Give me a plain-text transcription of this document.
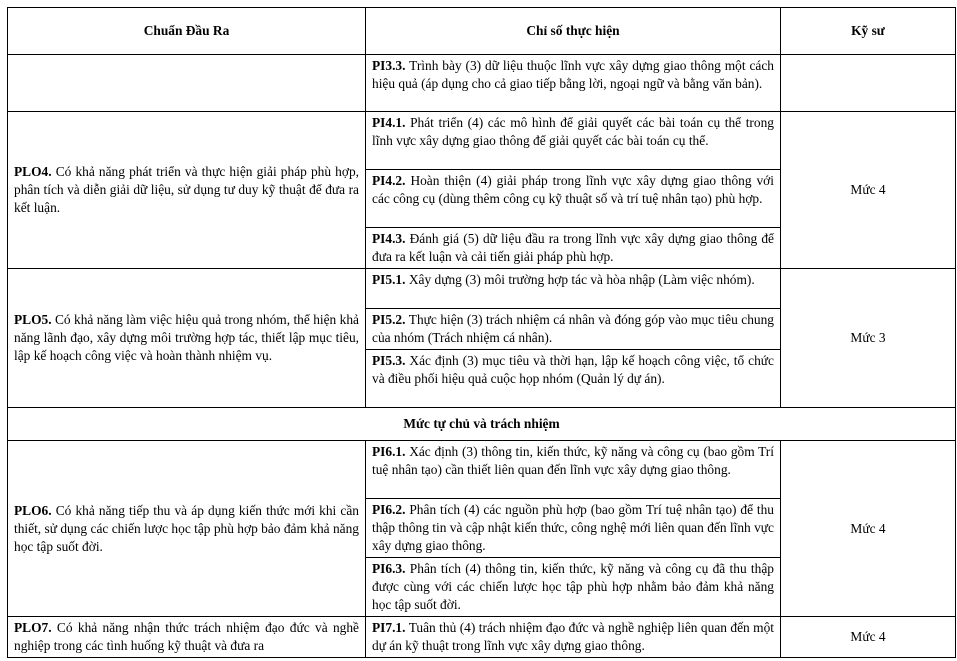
Chuẩn Đầu Ra	Chỉ số thực hiện	Kỹ sư
	PI3.3. Trình bày (3) dữ liệu thuộc lĩnh vực xây dựng giao thông một cách hiệu quả (áp dụng cho cả giao tiếp bằng lời, ngoại ngữ và bằng văn bản).	
PLO4. Có khả năng phát triển và thực hiện giải pháp phù hợp, phân tích và diễn giải dữ liệu, sử dụng tư duy kỹ thuật để đưa ra kết luận.	PI4.1. Phát triển (4) các mô hình để giải quyết các bài toán cụ thể trong lĩnh vực xây dựng giao thông để giải quyết các bài toán cụ thể.	Mức 4
	PI4.2. Hoàn thiện (4) giải pháp trong lĩnh vực xây dựng giao thông với các công cụ (dùng thêm công cụ kỹ thuật số và trí tuệ nhân tạo) phù hợp.	
	PI4.3. Đánh giá (5) dữ liệu đầu ra trong lĩnh vực xây dựng giao thông để đưa ra kết luận và cải tiến giải pháp phù hợp.	
PLO5. Có khả năng làm việc hiệu quả trong nhóm, thể hiện khả năng lãnh đạo, xây dựng môi trường hợp tác, thiết lập mục tiêu, lập kế hoạch công việc và hoàn thành nhiệm vụ.	PI5.1. Xây dựng (3) môi trường hợp tác và hòa nhập (Làm việc nhóm).	Mức 3
	PI5.2. Thực hiện (3) trách nhiệm cá nhân và đóng góp vào mục tiêu chung của nhóm (Trách nhiệm cá nhân).	
	PI5.3. Xác định (3) mục tiêu và thời hạn, lập kế hoạch công việc, tổ chức và điều phối hiệu quả cuộc họp nhóm (Quản lý dự án).	
Mức tự chủ và trách nhiệm		
PLO6. Có khả năng tiếp thu và áp dụng kiến thức mới khi cần thiết, sử dụng các chiến lược học tập phù hợp bảo đảm khả năng học tập suốt đời.	PI6.1. Xác định (3) thông tin, kiến thức, kỹ năng và công cụ (bao gồm Trí tuệ nhân tạo) cần thiết liên quan đến lĩnh vực xây dựng giao thông.	Mức 4
	PI6.2. Phân tích (4) các nguồn phù hợp (bao gồm Trí tuệ nhân tạo) để thu thập thông tin và cập nhật kiến thức, công nghệ mới liên quan đến lĩnh vực xây dựng giao thông.	
	PI6.3. Phân tích (4) thông tin, kiến thức, kỹ năng và công cụ đã thu thập được cùng với các chiến lược học tập phù hợp nhằm bảo đảm khả năng học tập suốt đời.	
PLO7. Có khả năng nhận thức trách nhiệm đạo đức và nghề nghiệp trong các tình huống kỹ thuật và đưa ra	PI7.1. Tuân thủ (4) trách nhiệm đạo đức và nghề nghiệp liên quan đến một dự án kỹ thuật trong lĩnh vực xây dựng giao thông.	Mức 4
